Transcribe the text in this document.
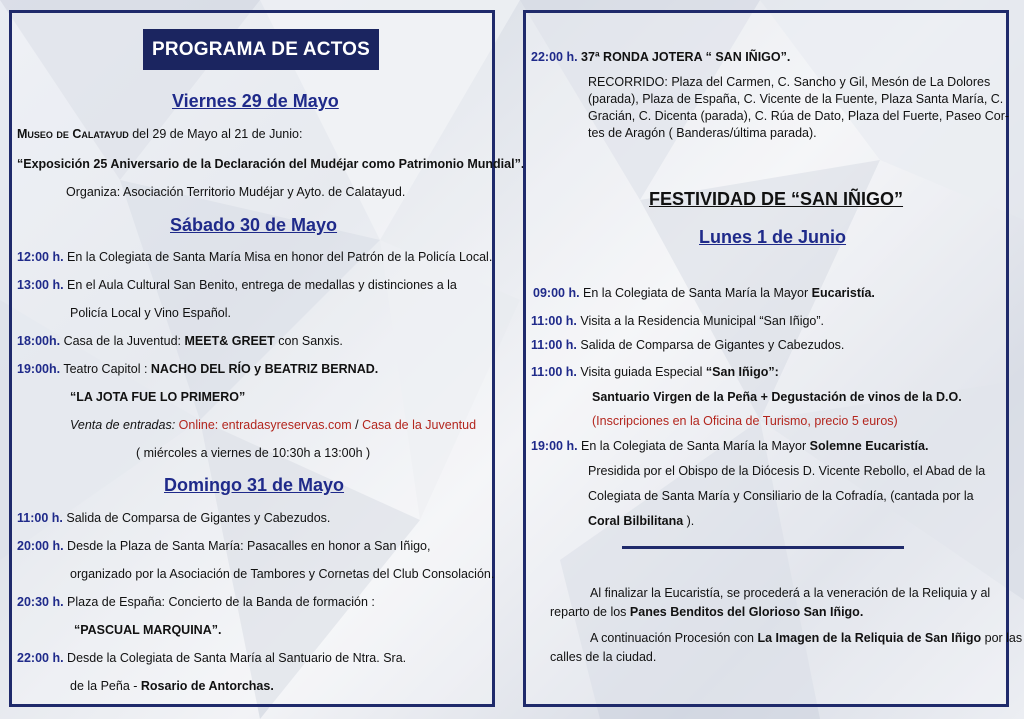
PROGRAMA DE ACTOS
Viernes 29 de Mayo
Museo de Calatayud del 29 de Mayo al 21 de Junio:
“Exposición 25 Aniversario de la Declaración del Mudéjar como Patrimonio Mundial”.
Organiza: Asociación Territorio Mudéjar y Ayto. de Calatayud.
Sábado 30 de Mayo
12:00 h. En la Colegiata de Santa María Misa en honor del Patrón de la Policía Local.
13:00 h. En el Aula Cultural San Benito, entrega de medallas y distinciones a la
Policía Local y Vino Español.
18:00h. Casa de la Juventud: MEET& GREET con Sanxis.
19:00h. Teatro Capitol : NACHO DEL RÍO y BEATRIZ BERNAD.
“LA JOTA FUE LO PRIMERO”
Venta de entradas: Online: entradasyreservas.com / Casa de la Juventud
( miércoles a viernes de 10:30h a 13:00h )
Domingo 31 de Mayo
11:00 h. Salida de Comparsa de Gigantes y Cabezudos.
20:00 h. Desde la Plaza de Santa María: Pasacalles en honor a San Iñigo,
organizado por la Asociación de Tambores y Cornetas del Club Consolación.
20:30 h. Plaza de España: Concierto de la Banda de formación :
“PASCUAL MARQUINA”.
22:00 h. Desde la Colegiata de Santa María al Santuario de Ntra. Sra.
de la Peña - Rosario de Antorchas.
22:00 h. 37ª RONDA JOTERA “ SAN IÑIGO”.
RECORRIDO: Plaza del Carmen, C. Sancho y Gil, Mesón de La Dolores
(parada), Plaza de España, C. Vicente de la Fuente, Plaza Santa María, C.
Gracián, C. Dicenta (parada), C. Rúa de Dato, Plaza del Fuerte, Paseo Cor-
tes de Aragón ( Banderas/última parada).
FESTIVIDAD DE “SAN IÑIGO”
Lunes 1 de Junio
09:00 h. En la Colegiata de Santa María la Mayor Eucaristía.
11:00 h. Visita a la Residencia Municipal “San Iñigo”.
11:00 h. Salida de Comparsa de Gigantes y Cabezudos.
11:00 h. Visita guiada Especial “San Iñigo”:
Santuario Virgen de la Peña + Degustación de vinos de la D.O.
(Inscripciones en la Oficina de Turismo, precio 5 euros)
19:00 h. En la Colegiata de Santa María la Mayor Solemne Eucaristía.
Presidida por el Obispo de la Diócesis D. Vicente Rebollo, el Abad de la
Colegiata de Santa María y Consiliario de la Cofradía, (cantada por la
Coral Bilbilitana ).
Al finalizar la Eucaristía, se procederá a la veneración de la Reliquia y al
reparto de los Panes Benditos del Glorioso San Iñigo.
A continuación Procesión con La Imagen de la Reliquia de San Iñigo por las
calles de la ciudad.
